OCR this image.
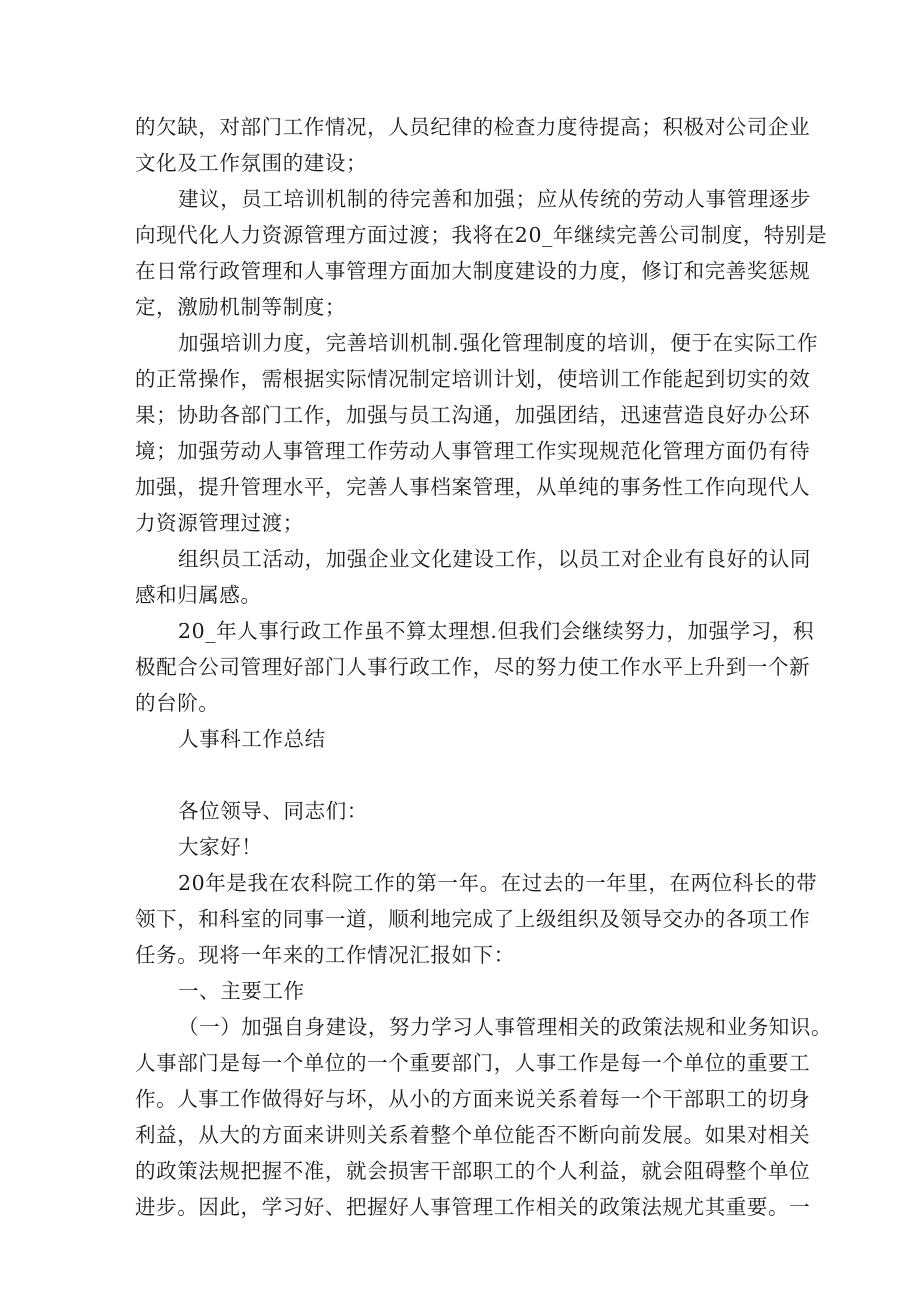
的欠缺，对部门工作情况，人员纪律的检查力度待提高；积极对公司企业
文化及工作氛围的建设；
建议，员工培训机制的待完善和加强；应从传统的劳动人事管理逐步
向现代化人力资源管理方面过渡；我将在20_年继续完善公司制度，特别是
在日常行政管理和人事管理方面加大制度建设的力度，修订和完善奖惩规
定，激励机制等制度；
加强培训力度，完善培训机制.强化管理制度的培训，便于在实际工作
的正常操作，需根据实际情况制定培训计划，使培训工作能起到切实的效
果；协助各部门工作，加强与员工沟通，加强团结，迅速营造良好办公环
境；加强劳动人事管理工作劳动人事管理工作实现规范化管理方面仍有待
加强，提升管理水平，完善人事档案管理，从单纯的事务性工作向现代人
力资源管理过渡；
组织员工活动，加强企业文化建设工作，以员工对企业有良好的认同
感和归属感。
20_年人事行政工作虽不算太理想.但我们会继续努力，加强学习，积
极配合公司管理好部门人事行政工作，尽的努力使工作水平上升到一个新
的台阶。
人事科工作总结
各位领导、同志们：
大家好！
20年是我在农科院工作的第一年。在过去的一年里，在两位科长的带
领下，和科室的同事一道，顺利地完成了上级组织及领导交办的各项工作
任务。现将一年来的工作情况汇报如下：
一、主要工作
（一）加强自身建设，努力学习人事管理相关的政策法规和业务知识。
人事部门是每一个单位的一个重要部门，人事工作是每一个单位的重要工
作。人事工作做得好与坏，从小的方面来说关系着每一个干部职工的切身
利益，从大的方面来讲则关系着整个单位能否不断向前发展。如果对相关
的政策法规把握不准，就会损害干部职工的个人利益，就会阻碍整个单位
进步。因此，学习好、把握好人事管理工作相关的政策法规尤其重要。一
